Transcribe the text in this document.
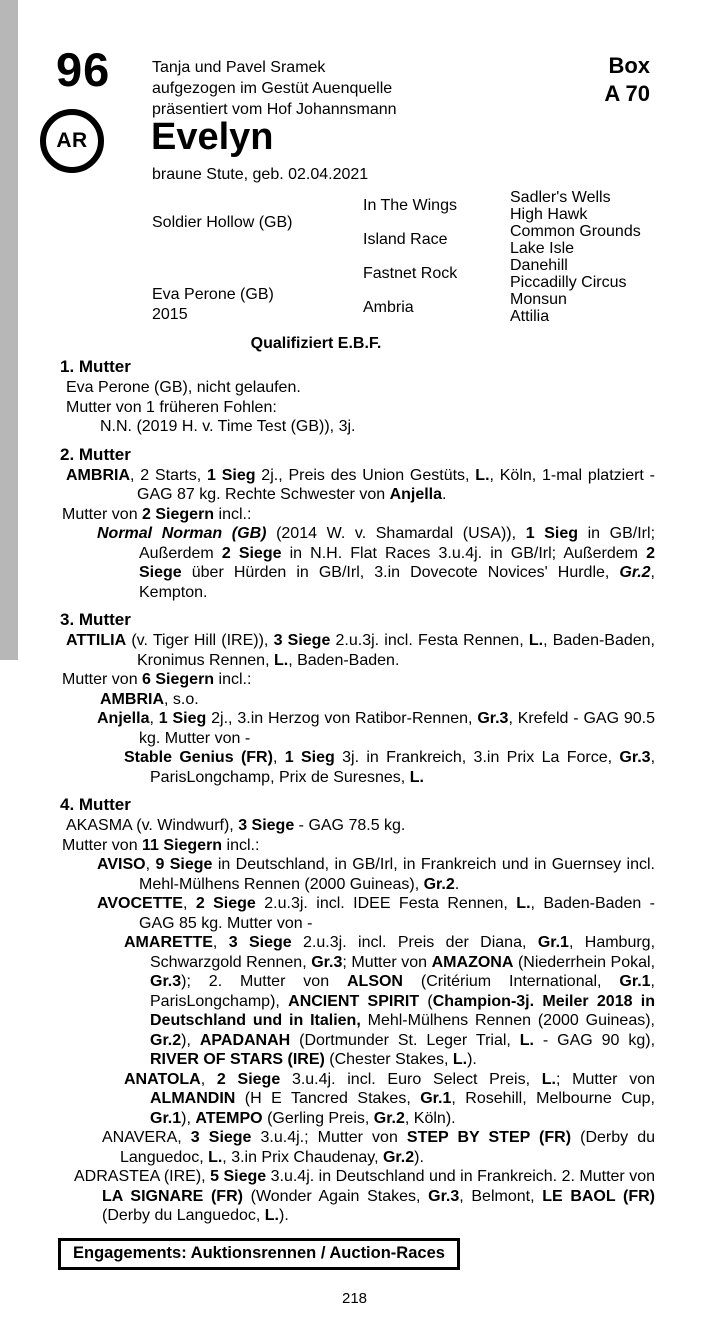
96	Tanja und Pavel Sramek
aufgezogen im Gestüt Auenquelle
präsentiert vom Hof Johannsmann
Box
A 70
AR Evelyn
braune Stute, geb. 02.04.2021
Soldier Hollow (GB)
Eva Perone (GB)
2015
In The Wings
Island Race
Fastnet Rock
Ambria
Sadler's Wells
High Hawk
Common Grounds
Lake Isle
Danehill
Piccadilly Circus
Monsun
Attilia
Qualifiziert E.B.F.
1. Mutter
Eva Perone (GB), nicht gelaufen.
Mutter von 1 früheren Fohlen:
N.N. (2019 H. v. Time Test (GB)), 3j.
2. Mutter
AMBRIA, 2 Starts, 1 Sieg 2j., Preis des Union Gestüts, L., Köln, 1-mal platziert - GAG 87 kg. Rechte Schwester von Anjella.
Mutter von 2 Siegern incl.:
Normal Norman (GB) (2014 W. v. Shamardal (USA)), 1 Sieg in GB/Irl; Außerdem 2 Siege in N.H. Flat Races 3.u.4j. in GB/Irl; Außerdem 2 Siege über Hürden in GB/Irl, 3.in Dovecote Novices' Hurdle, Gr.2, Kempton.
3. Mutter
ATTILIA (v. Tiger Hill (IRE)), 3 Siege 2.u.3j. incl. Festa Rennen, L., Baden-Baden, Kronimus Rennen, L., Baden-Baden.
Mutter von 6 Siegern incl.:
AMBRIA, s.o.
Anjella, 1 Sieg 2j., 3.in Herzog von Ratibor-Rennen, Gr.3, Krefeld - GAG 90.5 kg. Mutter von -
Stable Genius (FR), 1 Sieg 3j. in Frankreich, 3.in Prix La Force, Gr.3, ParisLongchamp, Prix de Suresnes, L.
4. Mutter
AKASMA (v. Windwurf), 3 Siege - GAG 78.5 kg.
Mutter von 11 Siegern incl.:
AVISO, 9 Siege in Deutschland, in GB/Irl, in Frankreich und in Guernsey incl. Mehl-Mülhens Rennen (2000 Guineas), Gr.2.
AVOCETTE, 2 Siege 2.u.3j. incl. IDEE Festa Rennen, L., Baden-Baden - GAG 85 kg. Mutter von -
AMARETTE, 3 Siege 2.u.3j. incl. Preis der Diana, Gr.1, Hamburg, Schwarzgold Rennen, Gr.3; Mutter von AMAZONA (Niederrhein Pokal, Gr.3); 2. Mutter von ALSON (Critérium International, Gr.1, ParisLongchamp), ANCIENT SPIRIT (Champion-3j. Meiler 2018 in Deutschland und in Italien, Mehl-Mülhens Rennen (2000 Guineas), Gr.2), APADANAH (Dortmunder St. Leger Trial, L. - GAG 90 kg), RIVER OF STARS (IRE) (Chester Stakes, L.).
ANATOLA, 2 Siege 3.u.4j. incl. Euro Select Preis, L.; Mutter von ALMANDIN (H E Tancred Stakes, Gr.1, Rosehill, Melbourne Cup, Gr.1), ATEMPO (Gerling Preis, Gr.2, Köln).
ANAVERA, 3 Siege 3.u.4j.; Mutter von STEP BY STEP (FR) (Derby du Languedoc, L., 3.in Prix Chaudenay, Gr.2).
ADRASTEA (IRE), 5 Siege 3.u.4j. in Deutschland und in Frankreich. 2. Mutter von LA SIGNARE (FR) (Wonder Again Stakes, Gr.3, Belmont, LE BAOL (FR) (Derby du Languedoc, L.).
Engagements: Auktionsrennen / Auction-Races
218
